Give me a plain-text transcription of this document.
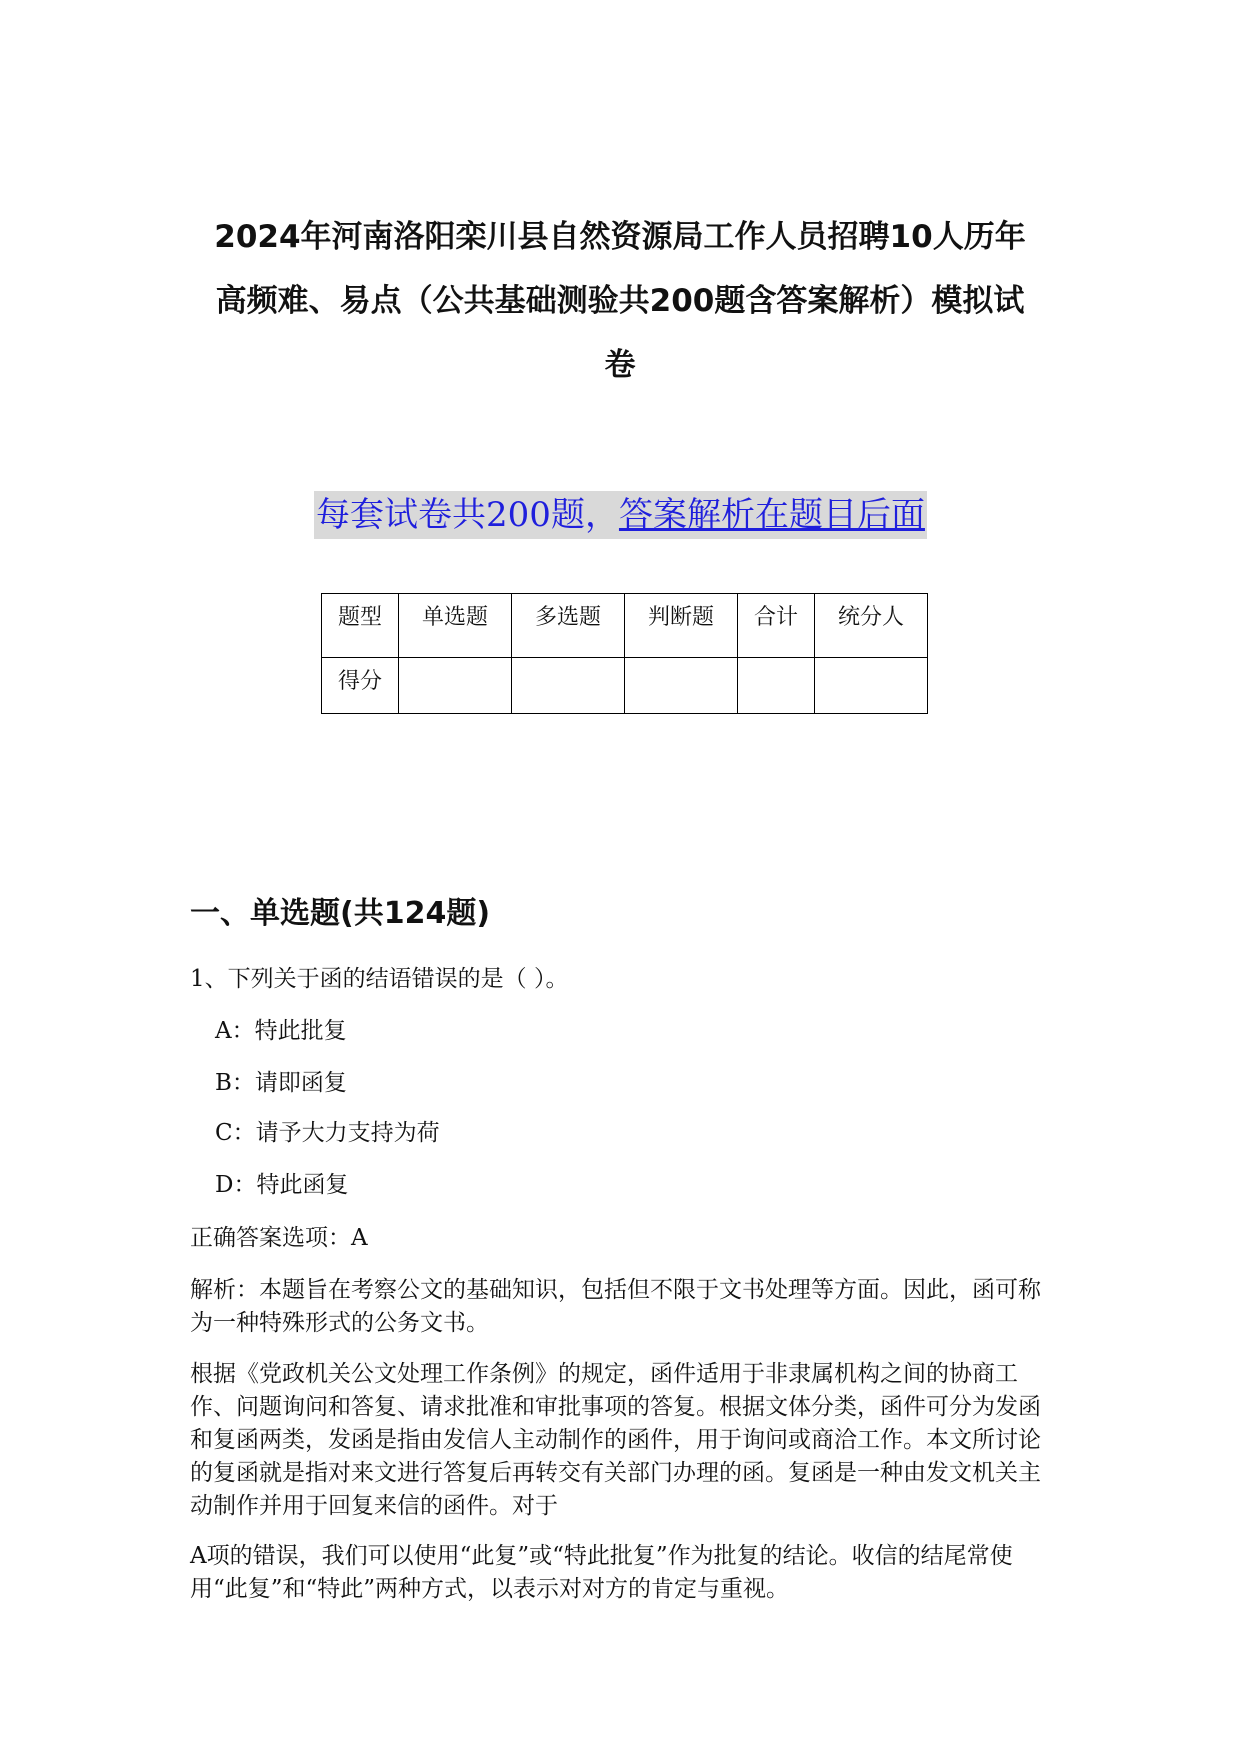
2024年河南洛阳栾川县自然资源局工作人员招聘10人历年
高频难、易点（公共基础测验共200题含答案解析）模拟试
卷
每套试卷共200题，答案解析在题目后面
题型	单选题	多选题	判断题	合计	统分人
得分					
一、单选题(共124题)
1、下列关于函的结语错误的是（ ）。
A：特此批复
B：请即函复
C：请予大力支持为荷
D：特此函复
正确答案选项：A
解析：本题旨在考察公文的基础知识，包括但不限于文书处理等方面。因此，函可称为一种特殊形式的公务文书。
根据《党政机关公文处理工作条例》的规定，函件适用于非隶属机构之间的协商工作、问题询问和答复、请求批准和审批事项的答复。根据文体分类，函件可分为发函和复函两类，发函是指由发信人主动制作的函件，用于询问或商洽工作。本文所讨论的复函就是指对来文进行答复后再转交有关部门办理的函。复函是一种由发文机关主动制作并用于回复来信的函件。对于
A项的错误，我们可以使用“此复”或“特此批复”作为批复的结论。收信的结尾常使用“此复”和“特此”两种方式，以表示对对方的肯定与重视。
